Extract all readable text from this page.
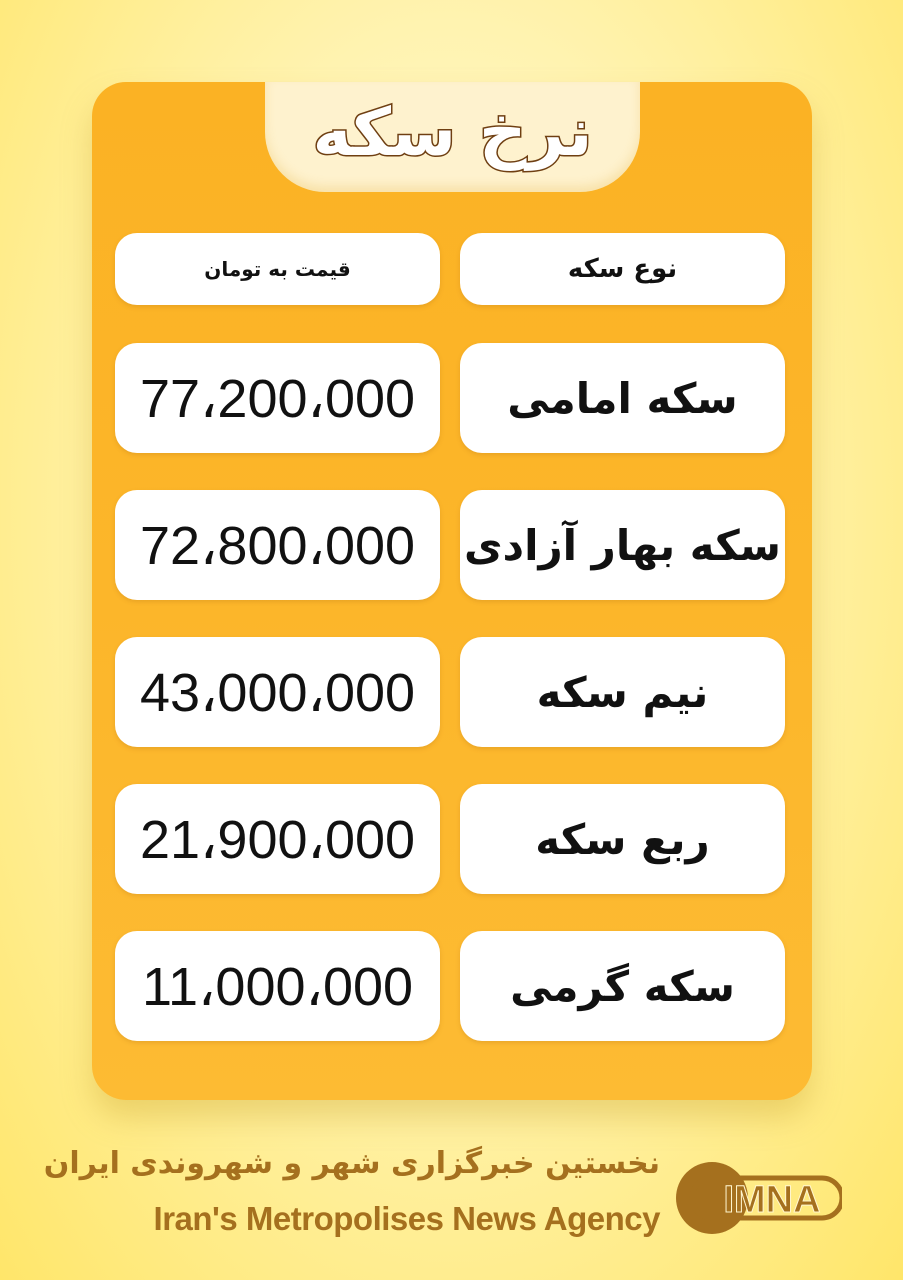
نرخ سکه
نوع سکه
قیمت به تومان
سکه امامی
77،200،000
سکه بهار آزادی
72،800،000
نیم سکه
43،000،000
ربع سکه
21،900،000
سکه گرمی
11،000،000
نخستین خبرگزاری شهر و شهروندی ایران
Iran's Metropolises News Agency IMNA
